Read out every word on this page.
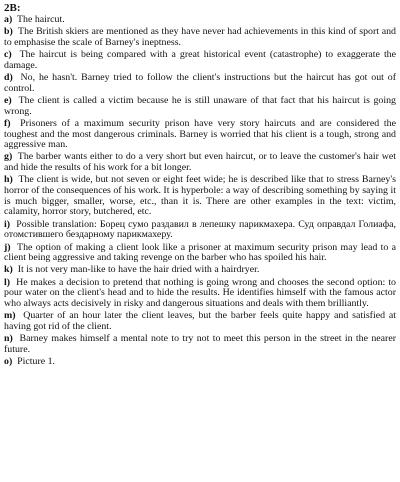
2B:

a) The haircut.

b) The British skiers are mentioned as they have never had achievements in this kind of sport and to emphasise the scale of Barney's ineptness.

c) The haircut is being compared with a great historical event (catastrophe) to exaggerate the damage.

d) No, he hasn't. Barney tried to follow the client's instructions but the haircut has got out of control.

e) The client is called a victim because he is still unaware of that fact that his haircut is going wrong.

f) Prisoners of a maximum security prison have very story haircuts and are considered the toughest and the most dangerous criminals. Barney is worried that his client is a tough, strong and aggressive man.

g) The barber wants either to do a very short but even haircut, or to leave the customer's hair wet and hide the results of his work for a bit longer.

h) The client is wide, but not seven or eight feet wide; he is described like that to stress Barney's horror of the consequences of his work. It is hyperbole: a way of describing something by saying it is much bigger, smaller, worse, etc., than it is. There are other examples in the text: victim, calamity, horror story, butchered, etc.

i) Possible translation: Борец сумо раздавил в лепешку парикмахера. Суд оправдал Голиафа, отомстившего бездарному парикмахеру.

j) The option of making a client look like a prisoner at maximum security prison may lead to a client being aggressive and taking revenge on the barber who has spoiled his hair.

k) It is not very man-like to have the hair dried with a hairdryer.

l) He makes a decision to pretend that nothing is going wrong and chooses the second option: to pour water on the client's head and to hide the results. He identifies himself with the famous actor who always acts decisively in risky and dangerous situations and deals with them brilliantly.

m) Quarter of an hour later the client leaves, but the barber feels quite happy and satisfied at having got rid of the client.

n) Barney makes himself a mental note to try not to meet this person in the street in the nearer future.

o) Picture 1.
